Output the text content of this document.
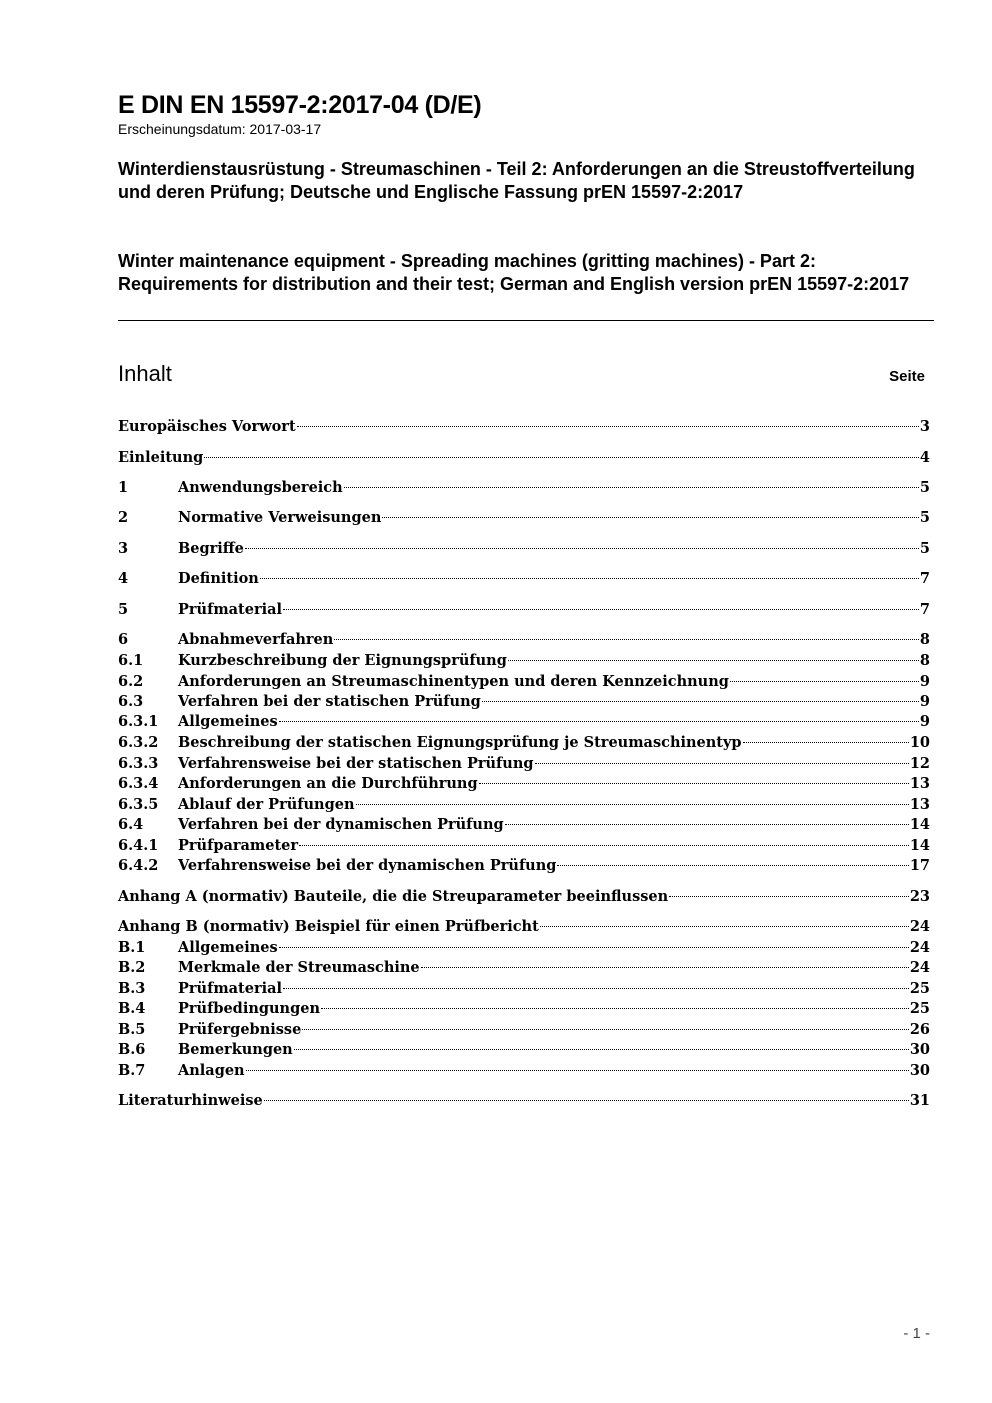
E DIN EN 15597-2:2017-04 (D/E)
Erscheinungsdatum: 2017-03-17
Winterdienstausrüstung - Streumaschinen - Teil 2: Anforderungen an die Streustoffverteilung und deren Prüfung; Deutsche und Englische Fassung prEN 15597-2:2017
Winter maintenance equipment - Spreading machines (gritting machines) - Part 2: Requirements for distribution and their test; German and English version prEN 15597-2:2017
Inhalt	Seite
Europäisches Vorwort	3
Einleitung	4
1	Anwendungsbereich	5
2	Normative Verweisungen	5
3	Begriffe	5
4	Definition	7
5	Prüfmaterial	7
6	Abnahmeverfahren	8
6.1	Kurzbeschreibung der Eignungsprüfung	8
6.2	Anforderungen an Streumaschinentypen und deren Kennzeichnung	9
6.3	Verfahren bei der statischen Prüfung	9
6.3.1	Allgemeines	9
6.3.2	Beschreibung der statischen Eignungsprüfung je Streumaschinentyp	10
6.3.3	Verfahrensweise bei der statischen Prüfung	12
6.3.4	Anforderungen an die Durchführung	13
6.3.5	Ablauf der Prüfungen	13
6.4	Verfahren bei der dynamischen Prüfung	14
6.4.1	Prüfparameter	14
6.4.2	Verfahrensweise bei der dynamischen Prüfung	17
Anhang A (normativ) Bauteile, die die Streuparameter beeinflussen	23
Anhang B (normativ) Beispiel für einen Prüfbericht	24
B.1	Allgemeines	24
B.2	Merkmale der Streumaschine	24
B.3	Prüfmaterial	25
B.4	Prüfbedingungen	25
B.5	Prüfergebnisse	26
B.6	Bemerkungen	30
B.7	Anlagen	30
Literaturhinweise	31
- 1 -
